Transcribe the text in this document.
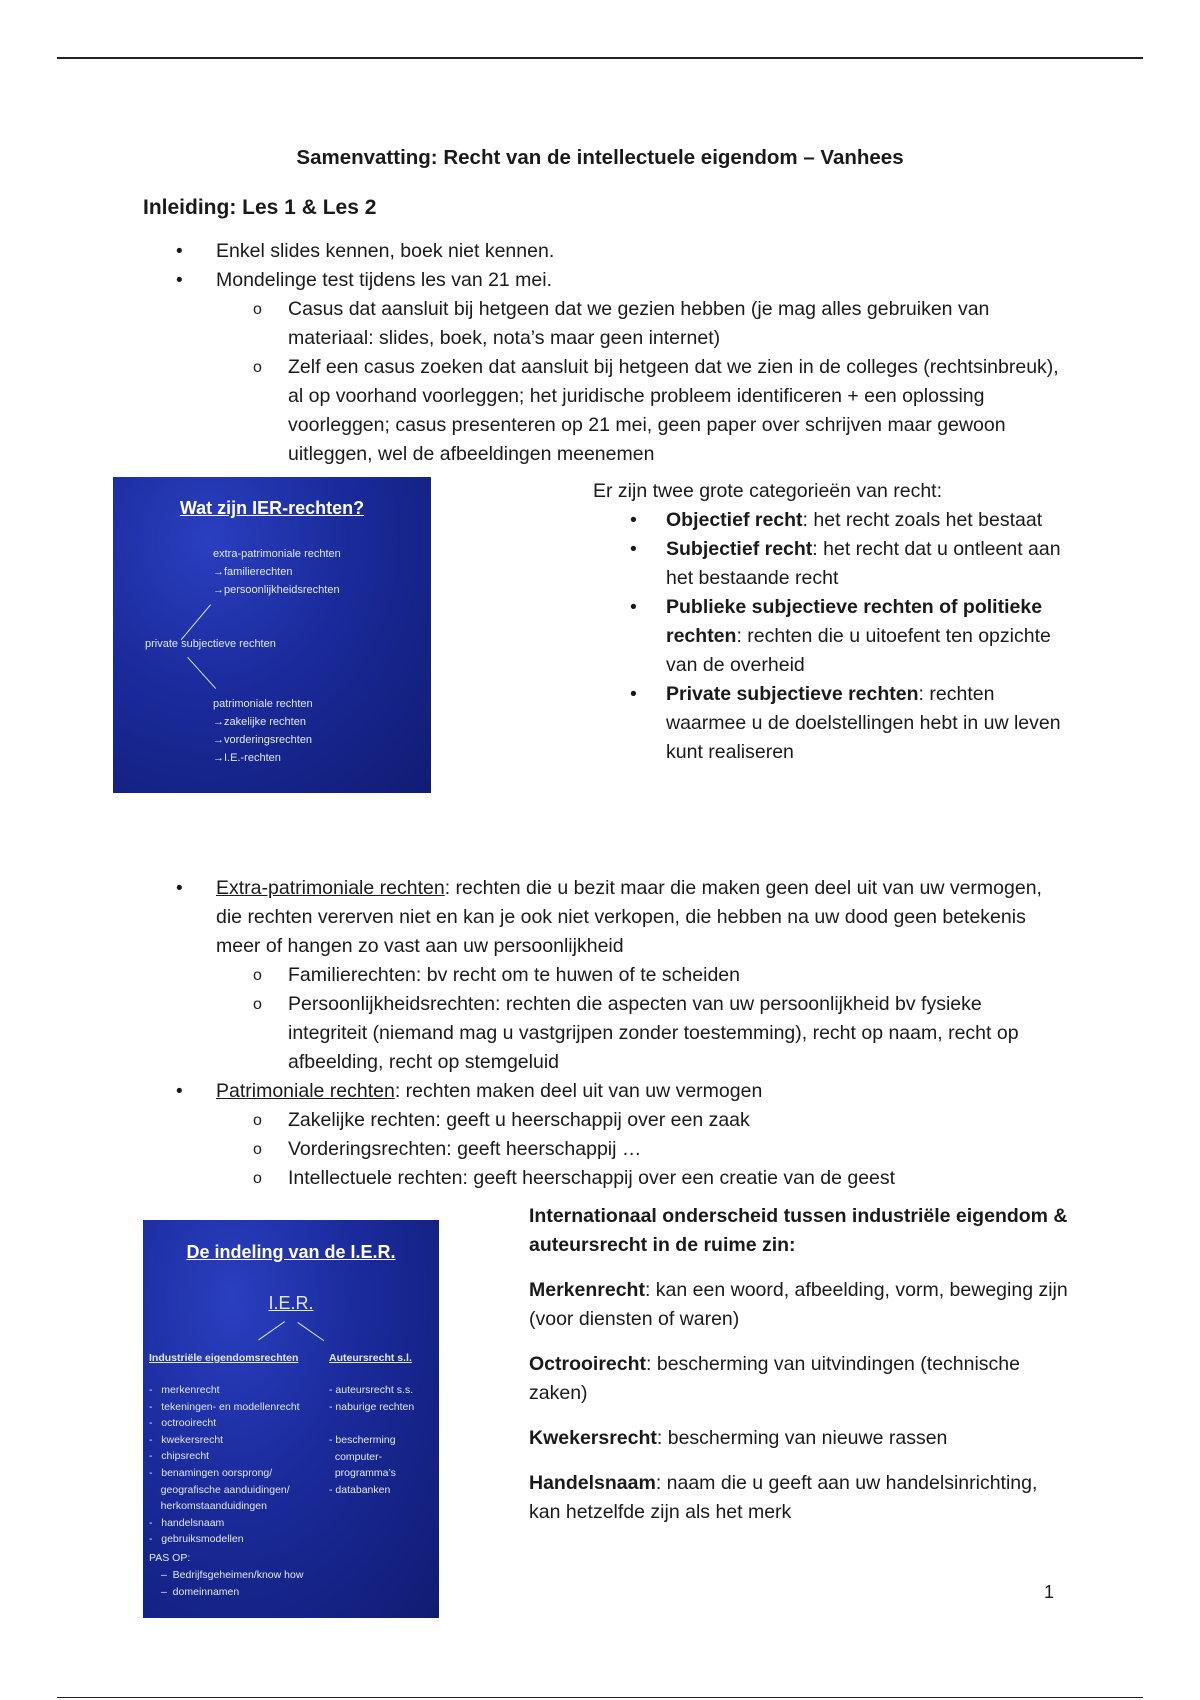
Samenvatting: Recht van de intellectuele eigendom – Vanhees
Inleiding: Les 1 & Les 2
• Enkel slides kennen, boek niet kennen.
• Mondelinge test tijdens les van 21 mei.
o Casus dat aansluit bij hetgeen dat we gezien hebben (je mag alles gebruiken van materiaal: slides, boek, nota’s maar geen internet)
o Zelf een casus zoeken dat aansluit bij hetgeen dat we zien in de colleges (rechtsinbreuk), al op voorhand voorleggen; het juridische probleem identificeren + een oplossing voorleggen; casus presenteren op 21 mei, geen paper over schrijven maar gewoon uitleggen, wel de afbeeldingen meenemen
Wat zijn IER-rechten?
extra-patrimoniale rechten
→familierechten
→persoonlijkheidsrechten
private subjectieve rechten
patrimoniale rechten
→zakelijke rechten
→vorderingsrechten
→I.E.-rechten

Er zijn twee grote categorieën van recht:

• Objectief recht: het recht zoals het bestaat
• Subjectief recht: het recht dat u ontleent aan het bestaande recht
• Publieke subjectieve rechten of politieke rechten: rechten die u uitoefent ten opzichte van de overheid
• Private subjectieve rechten: rechten waarmee u de doelstellingen hebt in uw leven kunt realiseren
• Extra-patrimoniale rechten: rechten die u bezit maar die maken geen deel uit van uw vermogen, die rechten vererven niet en kan je ook niet verkopen, die hebben na uw dood geen betekenis meer of hangen zo vast aan uw persoonlijkheid
o Familierechten: bv recht om te huwen of te scheiden
o Persoonlijkheidsrechten: rechten die aspecten van uw persoonlijkheid bv fysieke integriteit (niemand mag u vastgrijpen zonder toestemming), recht op naam, recht op afbeelding, recht op stemgeluid
• Patrimoniale rechten: rechten maken deel uit van uw vermogen
o Zakelijke rechten: geeft u heerschappij over een zaak
o Vorderingsrechten: geeft heerschappij …
o Intellectuele rechten: geeft heerschappij over een creatie van de geest
De indeling van de I.E.R.
I.E.R.
Industriële eigendomsrechten	Auteursrecht s.l.
-   merkenrecht
-   tekeningen- en modellenrecht
-   octrooirecht
-   kwekersrecht
-   chipsrecht
-   benamingen oorsprong/
geografische aanduidingen/
herkomstaanduidingen
-   handelsnaam
-   gebruiksmodellen
- auteursrecht s.s.
- naburige rechten
- bescherming
computer-
programma’s
- databanken
PAS OP:
–  Bedrijfsgeheimen/know how
–  domeinnamen

Internationaal onderscheid tussen industriële eigendom & auteursrecht in de ruime zin:

Merkenrecht: kan een woord, afbeelding, vorm, beweging zijn (voor diensten of waren)

Octrooirecht: bescherming van uitvindingen (technische zaken)

Kwekersrecht: bescherming van nieuwe rassen

Handelsnaam: naam die u geeft aan uw handelsinrichting, kan hetzelfde zijn als het merk

1
